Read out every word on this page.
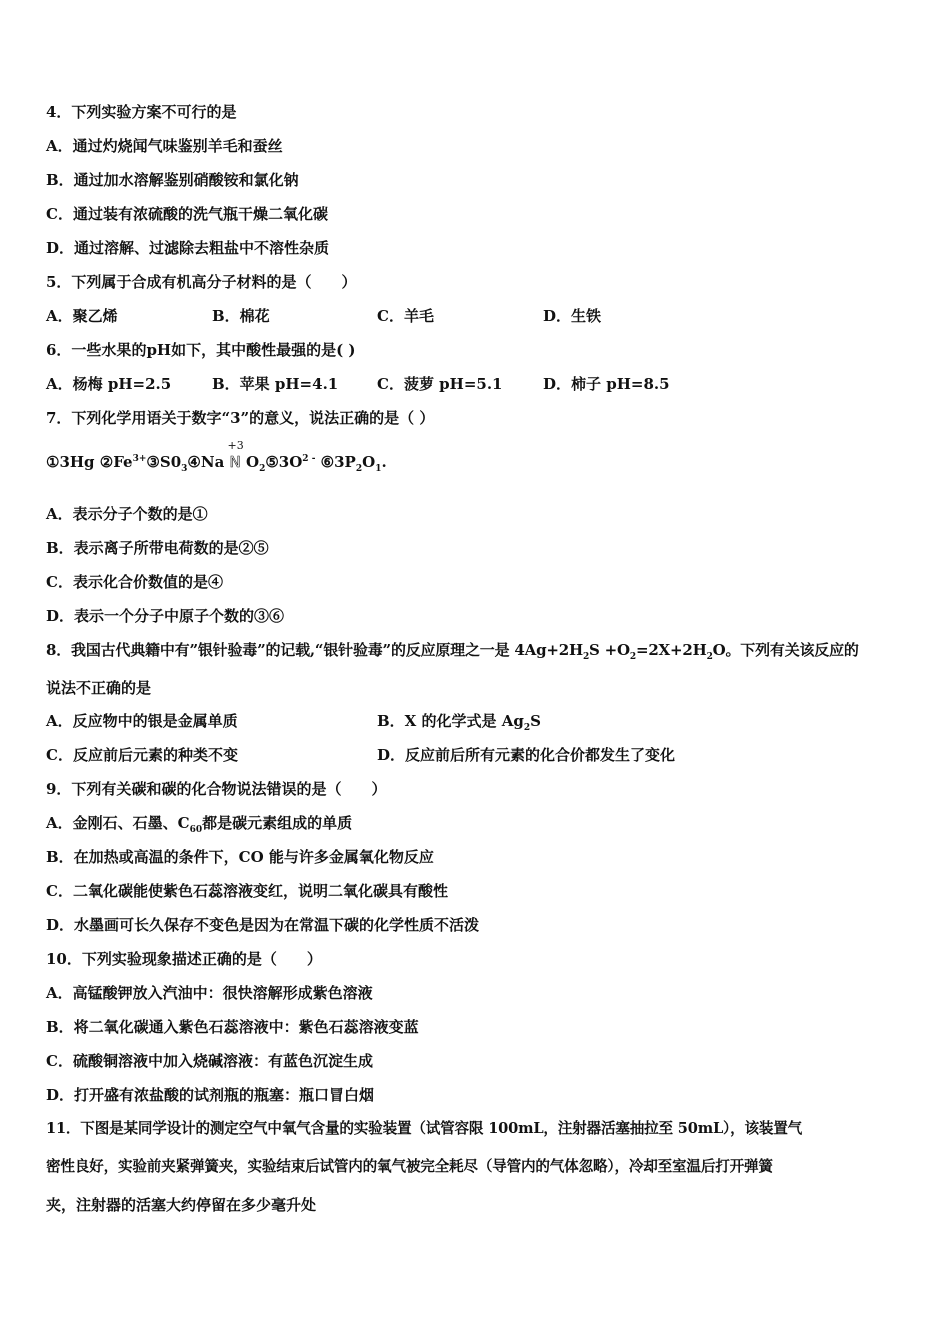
4．下列实验方案不可行的是
A．通过灼烧闻气味鉴别羊毛和蚕丝
B．通过加水溶解鉴别硝酸铵和氯化钠
C．通过装有浓硫酸的洗气瓶干燥二氧化碳
D．通过溶解、过滤除去粗盐中不溶性杂质
5．下列属于合成有机高分子材料的是（　　）
A．聚乙烯	B．棉花	C．羊毛	D．生铁
6．一些水果的pH如下，其中酸性最强的是( )
A．杨梅 pH=2.5	B．苹果 pH=4.1	C．菠萝 pH=5.1	D．柿子 pH=8.5
7．下列化学用语关于数字“3”的意义，说法正确的是（ ）
①3Hg $②Fe^{3+}③S0_3④Na$
+3
N $O_2⑤3O^{2 -}$ $⑥3P_2O_1$.
A．表示分子个数的是①
B．表示离子所带电荷数的是②⑤
C．表示化合价数值的是④
D．表示一个分子中原子个数的③⑥
8．我国古代典籍中有”银针验毒”的记载,“银针验毒”的反应原理之一是 $4Ag+2H_2S +O_2=2X+2H_2O$。下列有关该反应的
说法不正确的是
A．反应物中的银是金属单质	B．X 的化学式是 $Ag_2S$
C．反应前后元素的种类不变	D．反应前后所有元素的化合价都发生了变化
9．下列有关碳和碳的化合物说法错误的是（　　）
A．金刚石、石墨、$C_{60}$都是碳元素组成的单质
B．在加热或高温的条件下，CO 能与许多金属氧化物反应
C．二氧化碳能使紫色石蕊溶液变红，说明二氧化碳具有酸性
D．水墨画可长久保存不变色是因为在常温下碳的化学性质不活泼
10．下列实验现象描述正确的是（　　）
A．高锰酸钾放入汽油中：很快溶解形成紫色溶液
B．将二氧化碳通入紫色石蕊溶液中：紫色石蕊溶液变蓝
C．硫酸铜溶液中加入烧碱溶液：有蓝色沉淀生成
D．打开盛有浓盐酸的试剂瓶的瓶塞：瓶口冒白烟
11．下图是某同学设计的测定空气中氧气含量的实验装置（试管容限 100mL，注射器活塞抽拉至 50mL），该装置气
密性良好，实验前夹紧弹簧夹，实验结束后试管内的氧气被完全耗尽（导管内的气体忽略），冷却至室温后打开弹簧
夹，注射器的活塞大约停留在多少毫升处
